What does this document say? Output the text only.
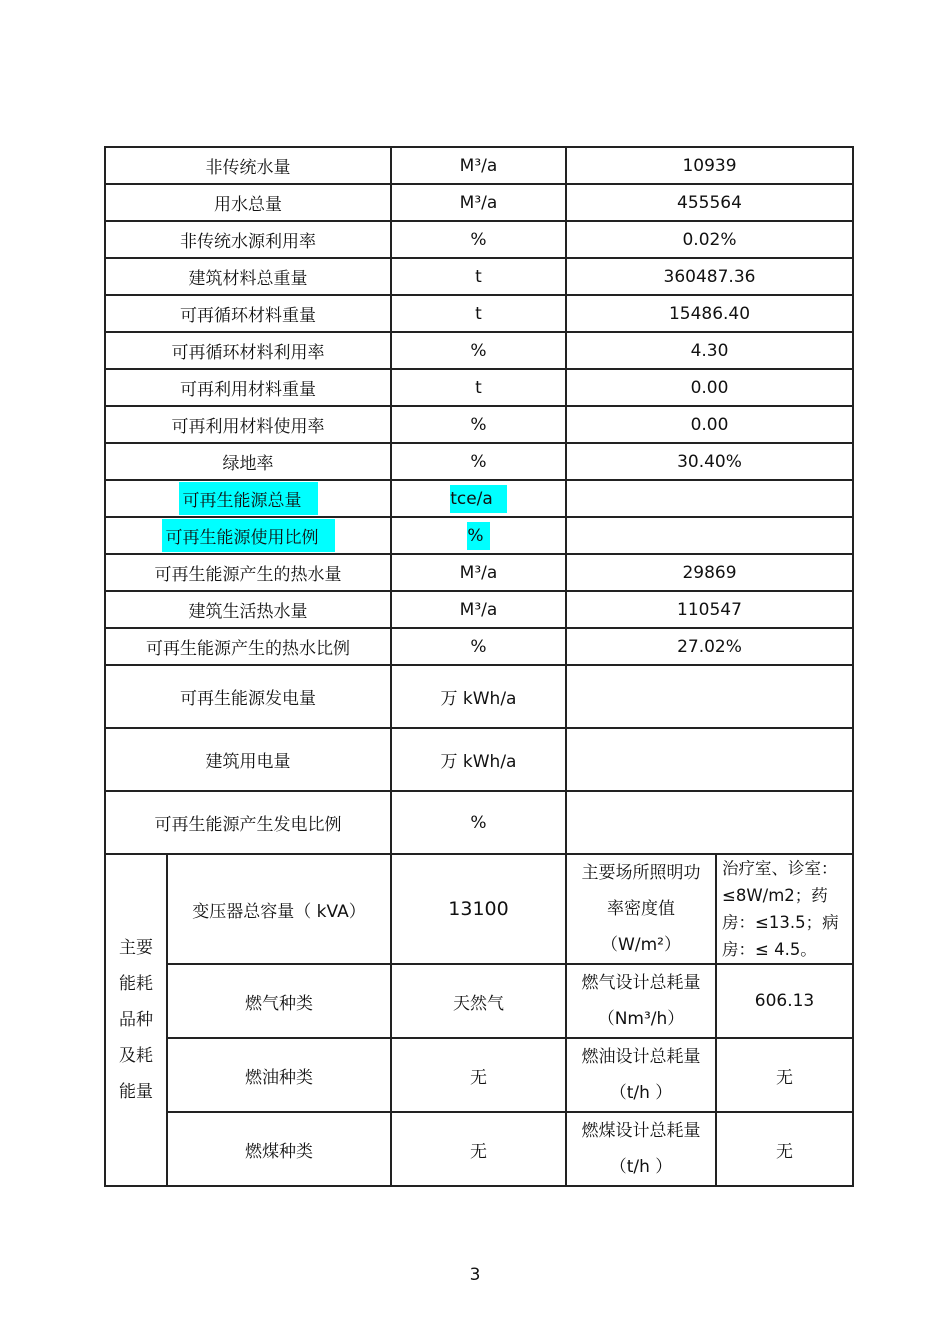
非传统水量		M³/a	10939	
用水总量		M³/a	455564	
非传统水源利用率		%	0.02%	
建筑材料总重量		t	360487.36	
可再循环材料重量		t	15486.40	
可再循环材料利用率		%	4.30	
可再利用材料重量		t	0.00	
可再利用材料使用率		%	0.00	
绿地率		%	30.40%	
可再生能源总量		tce/a		
可再生能源使用比例		%		
可再生能源产生的热水量		M³/a	29869	
建筑生活热水量		M³/a	110547	
可再生能源产生的热水比例		%	27.02%	
可再生能源发电量		万 kWh/a		
建筑用电量		万 kWh/a		
可再生能源产生发电比例		%		
主要能耗品种及耗能量	变压器总容量（ kVA）	13100	主要场所照明功率密度值（W/m²）	治疗室、诊室：≤8W/m2；药房：≤13.5；病房：≤ 4.5。
	燃气种类	天然气	燃气设计总耗量（Nm³/h）	606.13
	燃油种类	无	燃油设计总耗量（t/h ）	无
	燃煤种类	无	燃煤设计总耗量（t/h ）	无
3
